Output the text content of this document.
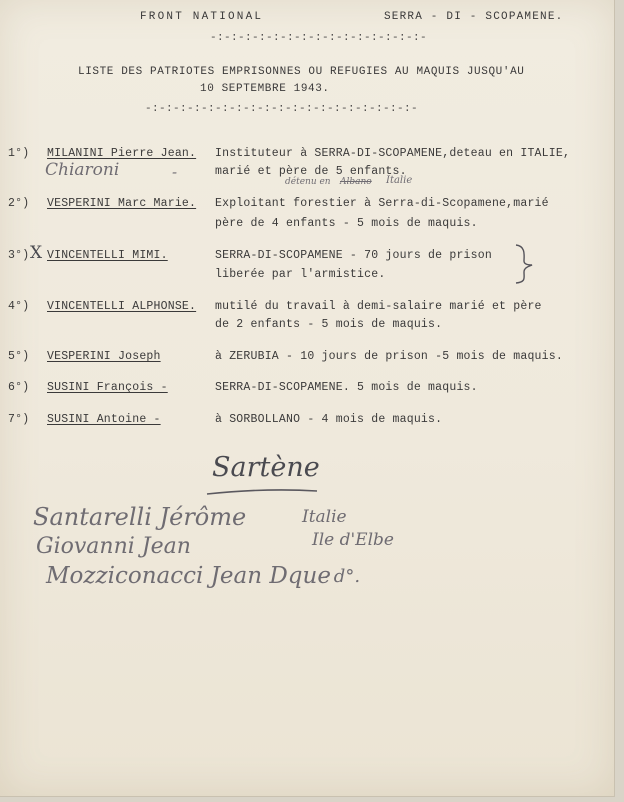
FRONT NATIONAL	SERRA - DI - SCOPAMENE.
-:-:-:-:-:-:-:-:-:-:-:-:-:-:-:-
LISTE DES PATRIOTES EMPRISONNES OU REFUGIES AU MAQUIS JUSQU'AU
10 SEPTEMBRE 1943.
-:-:-:-:-:-:-:-:-:-:-:-:-:-:-:-:-:-:-:-
1°) MILANINI Pierre Jean. Instituteur à SERRA-DI-SCOPAMENE,deteau en ITALIE,
marié et père de 5 enfants.
Chiaroni	-
détenu en Albano Italie
2°) VESPERINI Marc Marie. Exploitant forestier à Serra-di-Scopamene,marié
père de 4 enfants - 5 mois de maquis.
3°) X VINCENTELLI MIMI.	SERRA-DI-SCOPAMENE - 70 jours de prison
liberée par l'armistice.
4°) VINCENTELLI ALPHONSE. mutilé du travail à demi-salaire marié et père
de 2 enfants - 5 mois de maquis.
5°) VESPERINI Joseph	à ZERUBIA - 10 jours de prison -5 mois de maquis.
6°) SUSINI François -	SERRA-DI-SCOPAMENE. 5 mois de maquis.
7°) SUSINI Antoine -	à SORBOLLANO - 4 mois de maquis.
Sartène
Santarelli Jérôme
Giovanni Jean
Mozziconacci Jean Dque
Italie
Ile d'Elbe
- d°.
